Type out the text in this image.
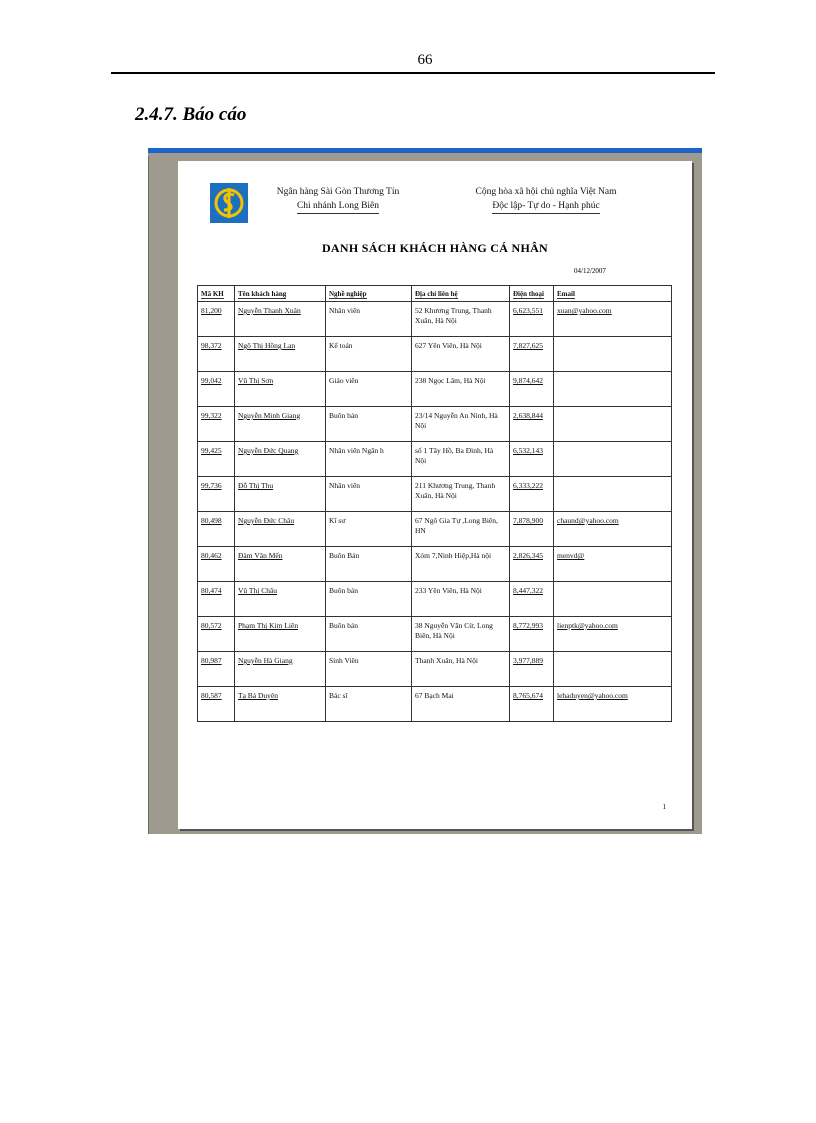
66
2.4.7. Báo cáo
Ngân hàng Sài Gòn Thương Tín
Chi nhánh Long Biên
Cộng hòa xã hội chủ nghĩa Việt Nam
Độc lập- Tự do - Hạnh phúc
DANH SÁCH KHÁCH HÀNG CÁ NHÂN
04/12/2007
Mã KH	Tên khách hàng	Nghề nghiệp	Địa chỉ liên hệ	Điện thoại	Email
81,200	Nguyễn Thanh Xuân	Nhân viên	52 Khương Trung, Thanh Xuân, Hà Nội	6,623,551	xuan@yahoo.com
98,372	Ngô Thị Hồng Lan	Kế toán	627 Yên Viên, Hà Nội	7,827,625	
99,042	Vũ Thị Sơn	Giáo viên	238 Ngọc Lâm, Hà Nội	9,874,642	
99,322	Nguyễn Minh Giang	Buôn bán	23/14 Nguyễn An Ninh, Hà Nội	2,638,844	
99,425	Nguyễn Đức Quang	Nhân viên Ngân h	số 1 Tây Hồ, Ba Đình, Hà Nội	6,532,143	
99,736	Đỗ Thị Thu	Nhân viên	211 Khương Trung, Thanh Xuân, Hà Nội	6,333,222	
80,498	Nguyễn Đức Châu	Kĩ sư	67 Ngô Gia Tự ,Long Biên, HN	7,878,900	chaund@yahoo.com
80,462	Đàm Văn Mến	Buôn Bán	Xóm 7,Ninh Hiệp,Hà nội	2,826,345	menvd@
80,474	Vũ Thị Châu	Buôn bán	233 Yên Viên, Hà Nội	8,447,322	
80,572	Phạm Thị Kim Liên	Buôn bán	38 Nguyễn Văn Cừ, Long Biên, Hà Nội	8,772,993	lienptk@yahoo.com
80,987	Nguyễn Hà Giang	Sinh Viên	Thanh Xuân, Hà Nội	3,977,889	
80,587	Tạ Bá Duyên	Bác sĩ	67 Bạch Mai	8,765,674	lehaduyen@yahoo.com
1
